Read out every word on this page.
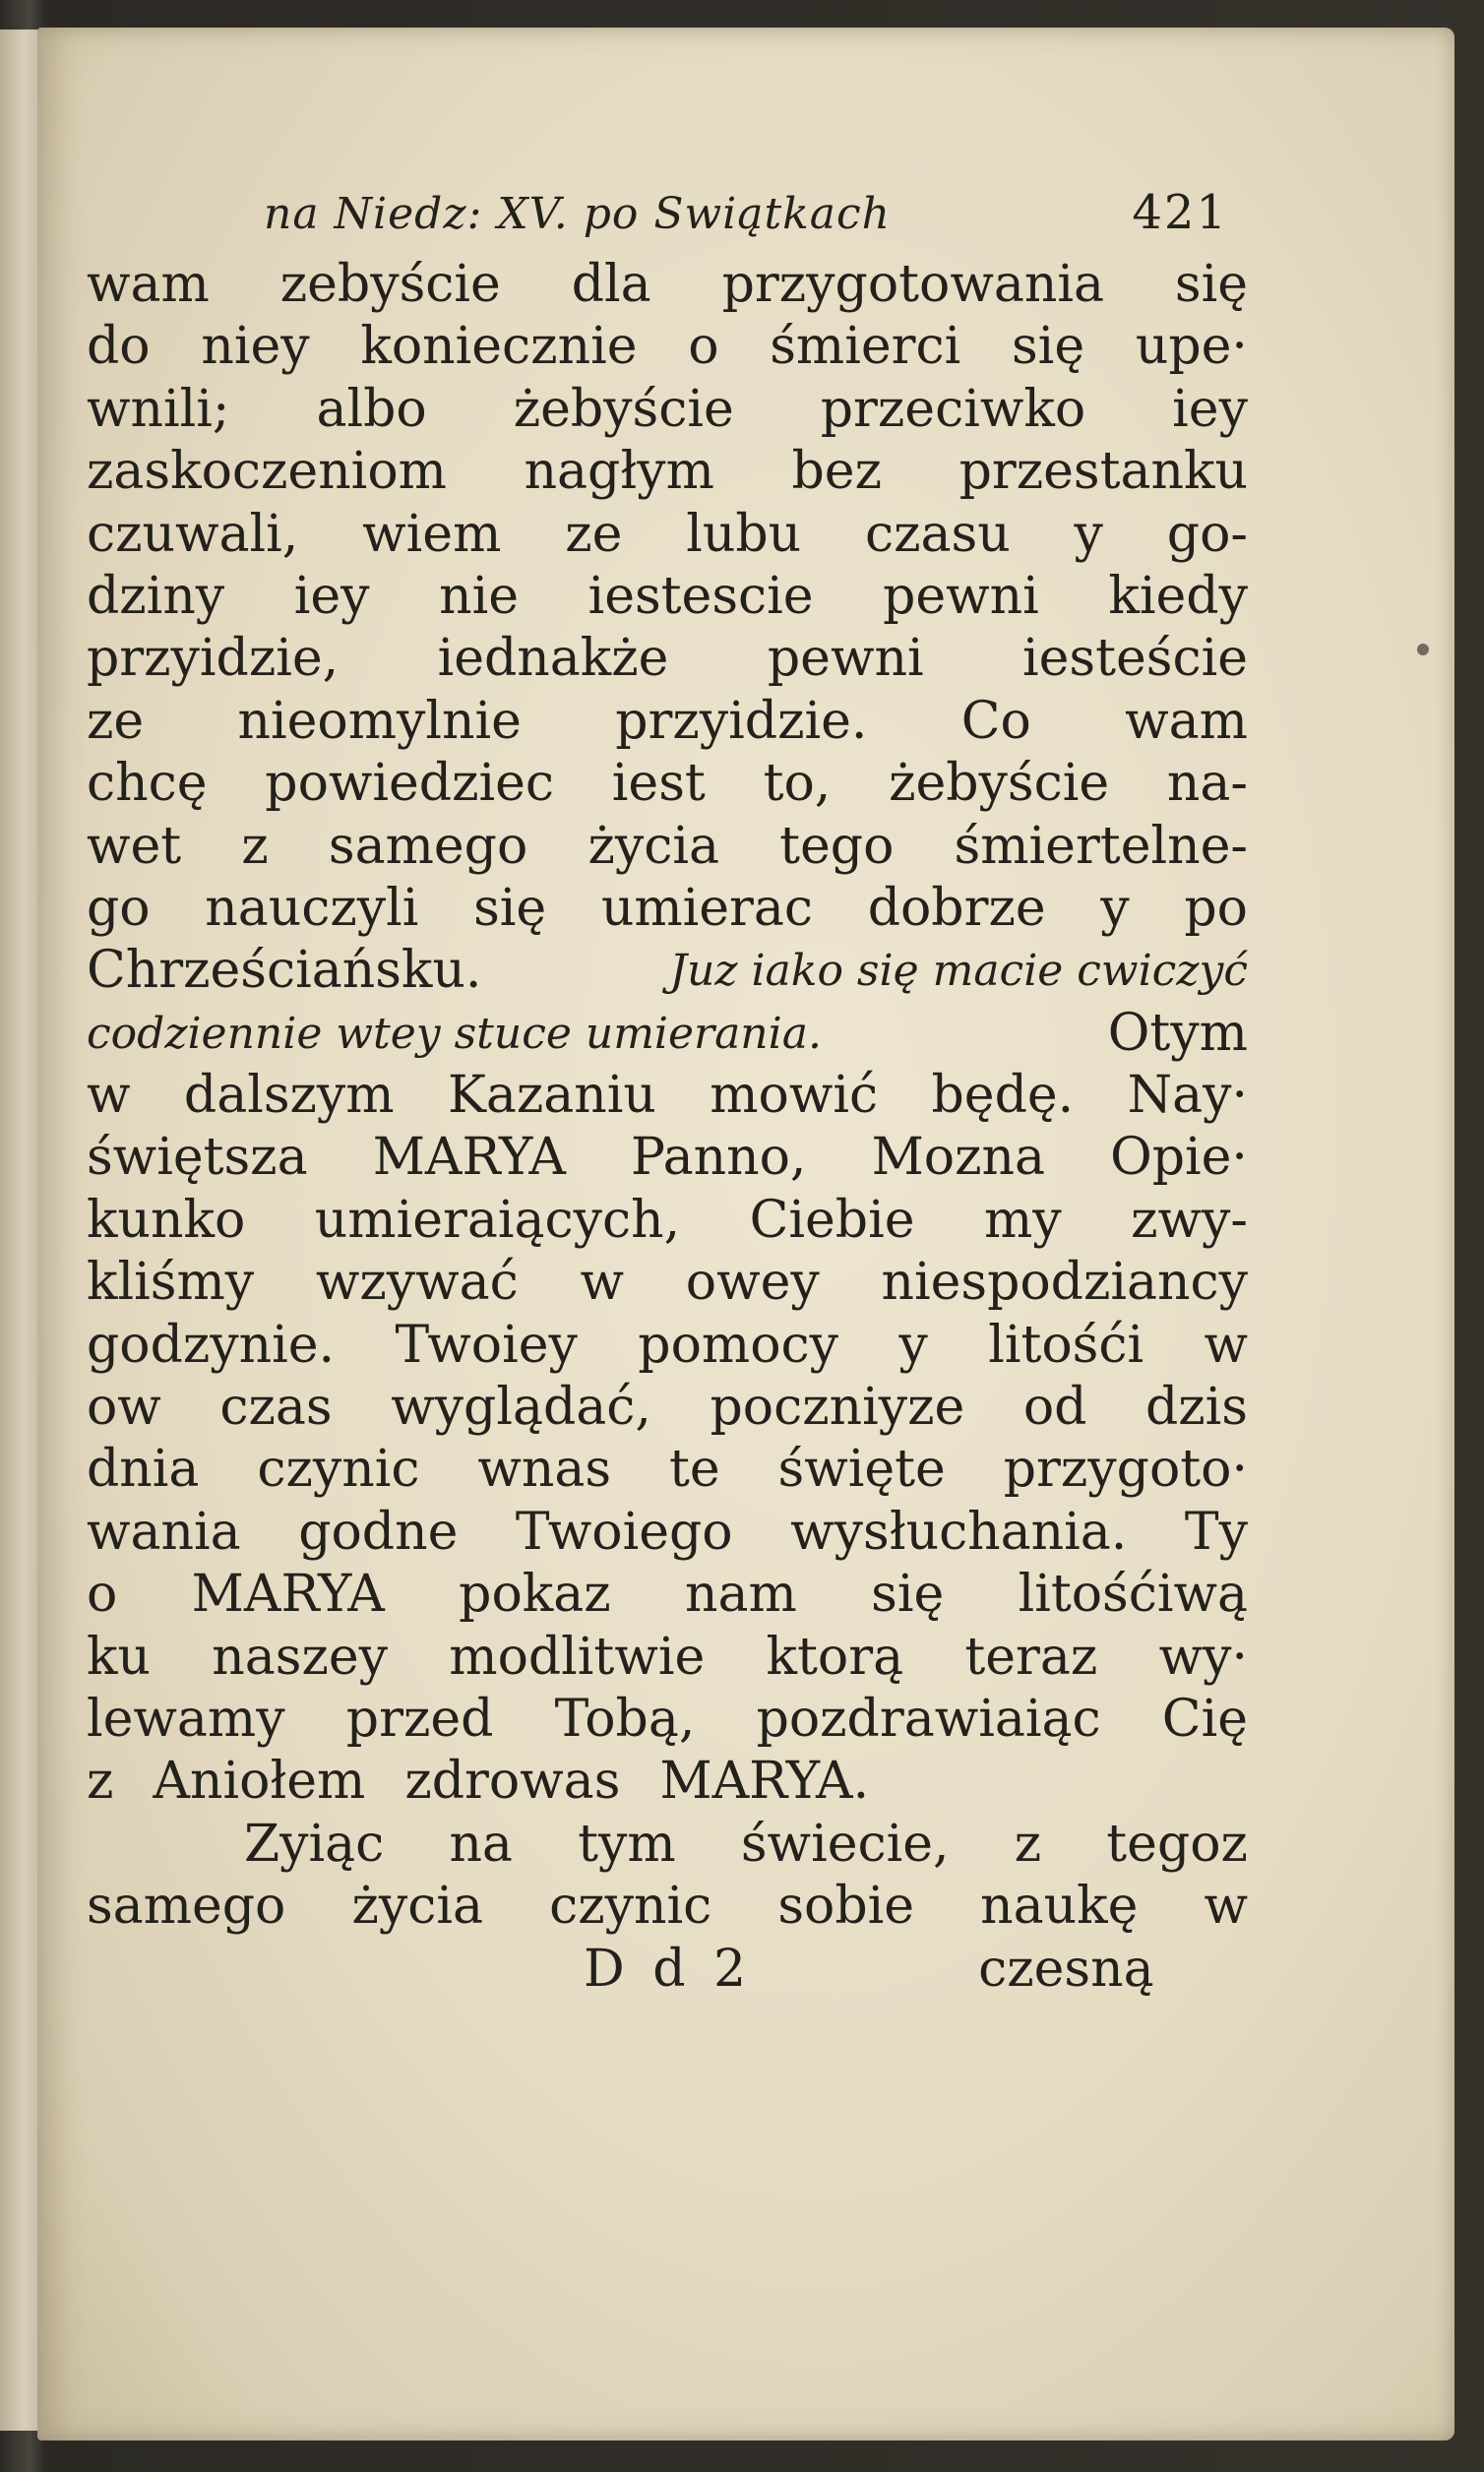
na Niedz: XV. po Swiątkach	421
wam zebyście dla przygotowania się
do niey koniecznie o śmierci się upe·
wnili; albo żebyście przeciwko iey
zaskoczeniom nagłym bez przestanku
czuwali, wiem ze lubu czasu y go-
dziny iey nie iestescie pewni kiedy
przyidzie, iednakże pewni iesteście
ze nieomylnie przyidzie. Co wam
chcę powiedziec iest to, żebyście na-
wet z samego życia tego śmiertelne-
go nauczyli się umierac dobrze y po
Chrześciańsku.	Juz iako się macie cwiczyć
codziennie wtey stuce umierania.	Otym
w dalszym Kazaniu mowić będę. Nay·
świętsza MARYA Panno, Mozna Opie·
kunko umieraiących, Ciebie my zwy-
kliśmy wzywać w owey niespodziancy
godzynie. Twoiey pomocy y litośći w
ow czas wyglądać, poczniyze od dzis
dnia czynic wnas te święte przygoto·
wania godne Twoiego wysłuchania. Ty
o MARYA pokaz nam się litośćiwą
ku naszey modlitwie ktorą teraz wy·
lewamy przed Tobą, pozdrawiaiąc Cię
z Aniołem zdrowas MARYA.
Zyiąc na tym świecie, z tegoz
samego życia czynic sobie naukę w
D d 2	czesną
